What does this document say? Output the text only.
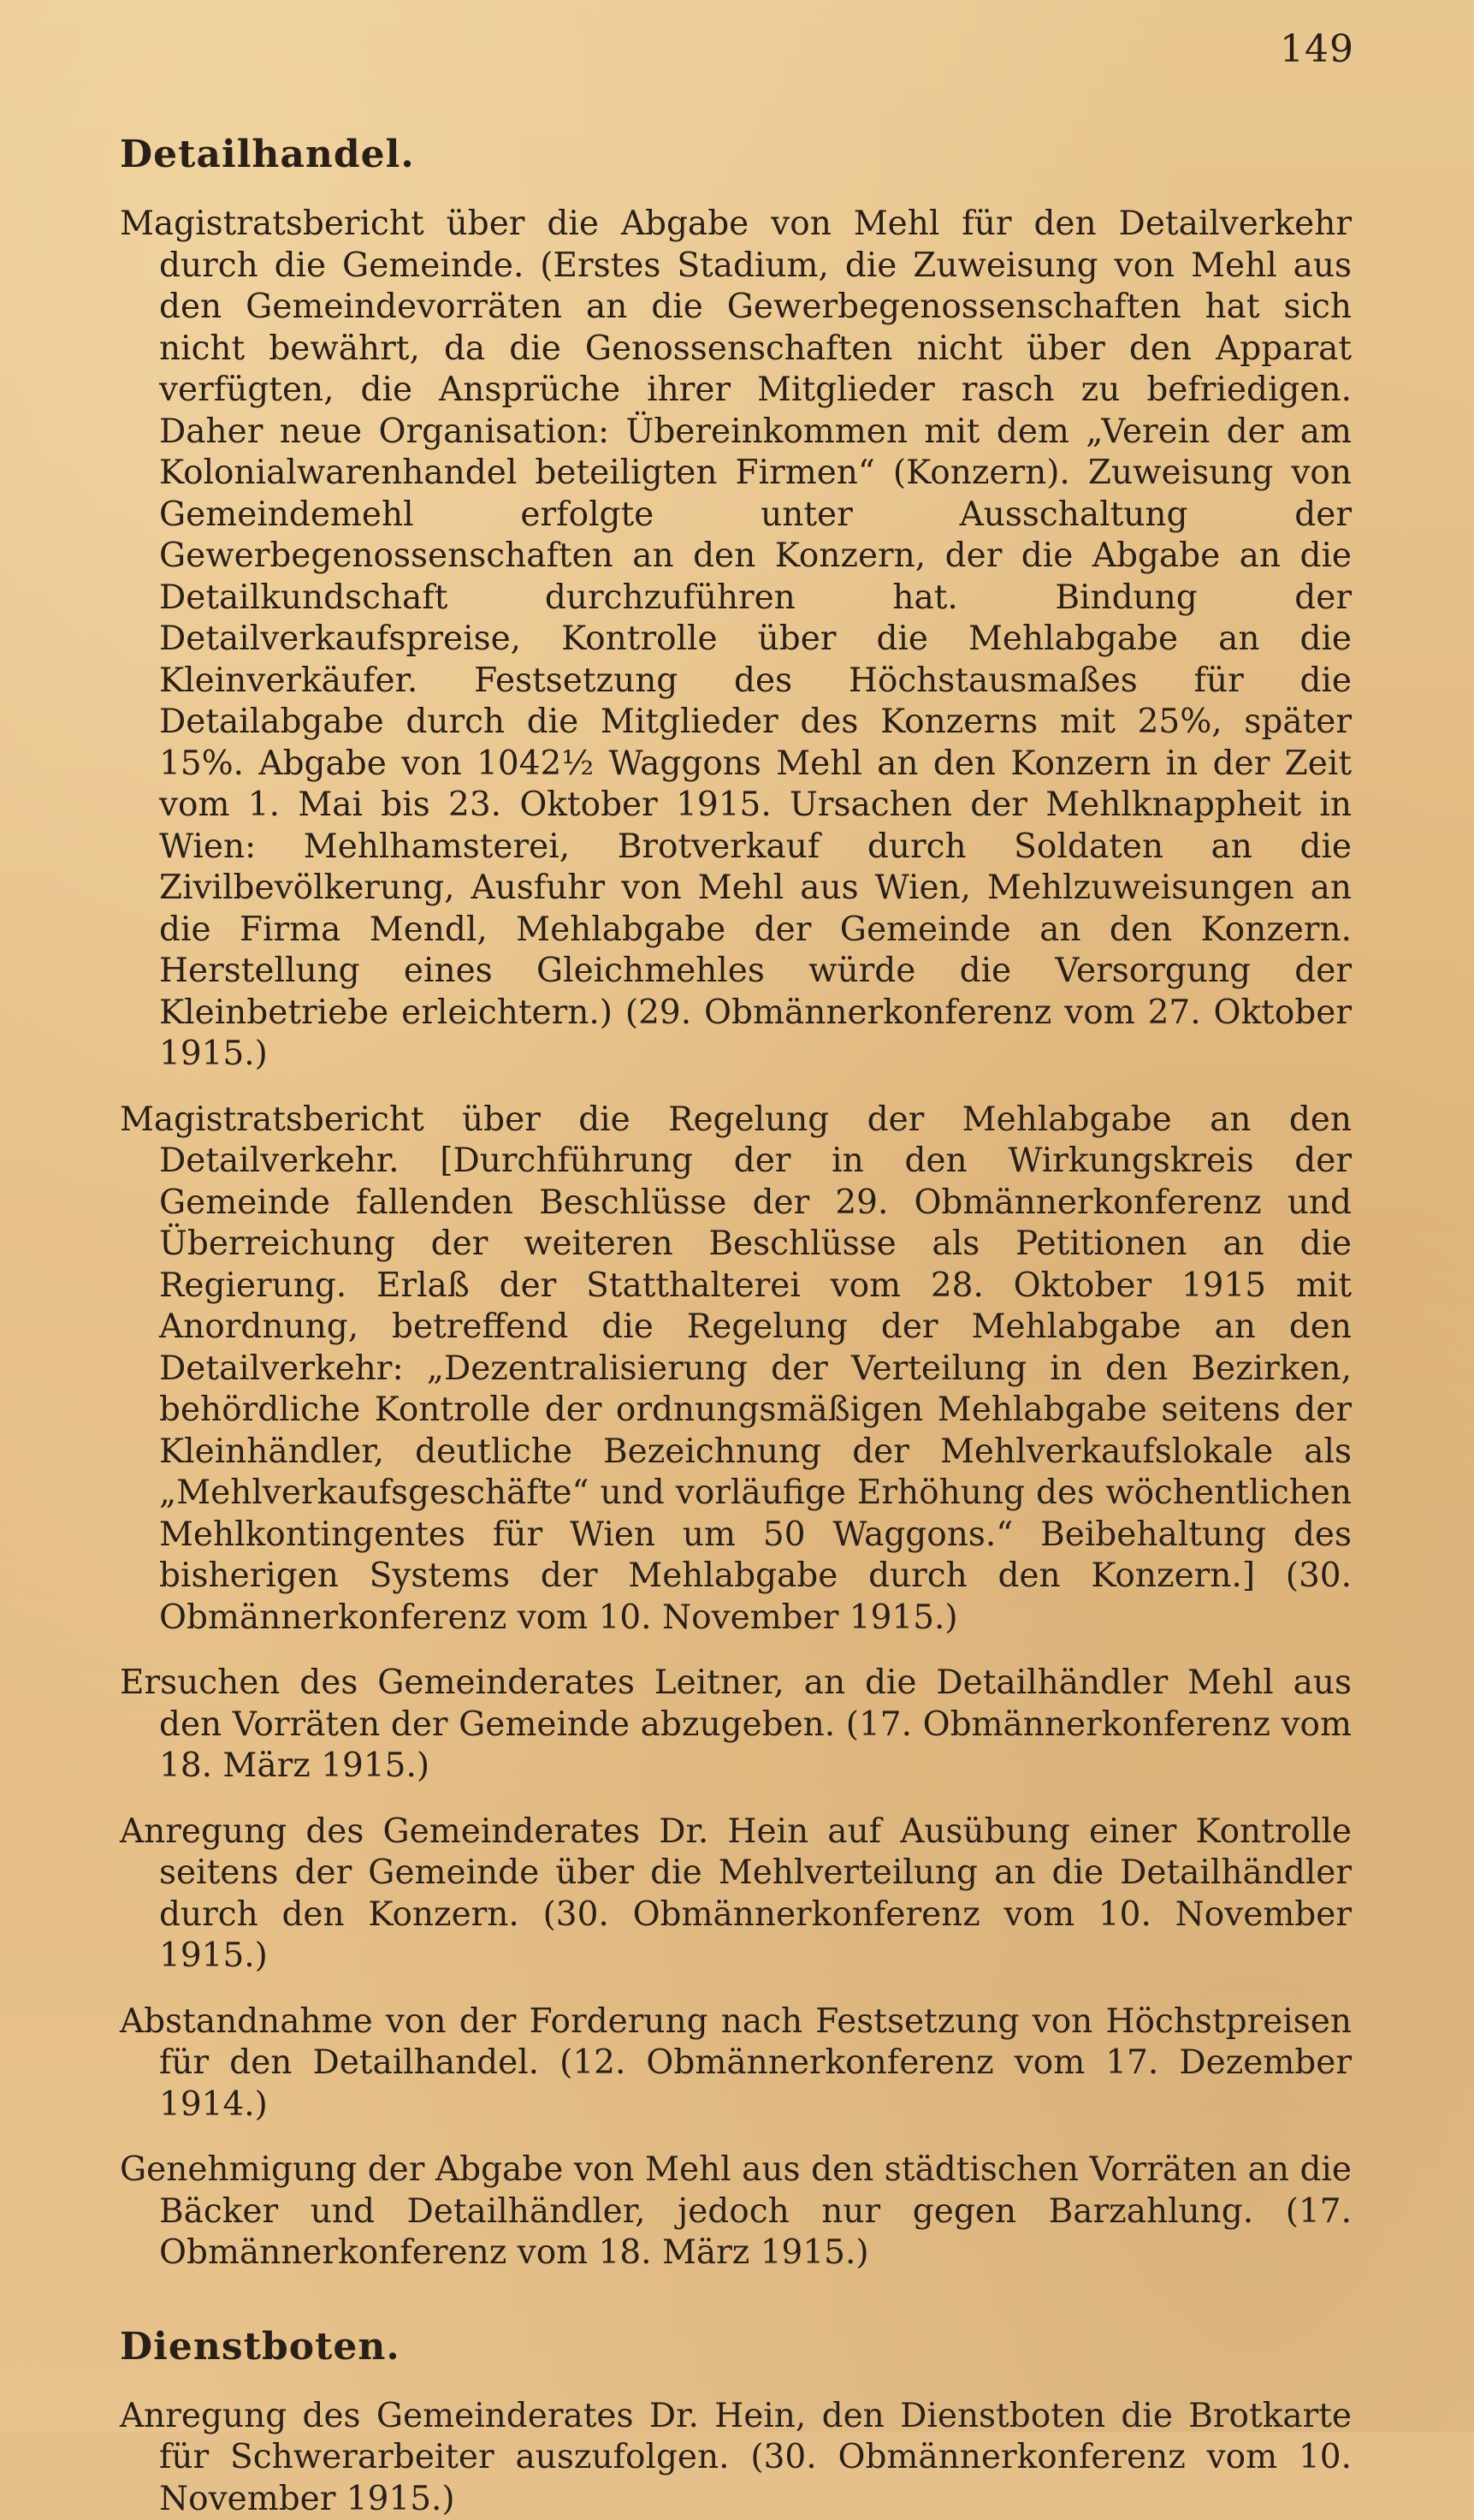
149
Detailhandel.

Magistratsbericht über die Abgabe von Mehl für den Detailverkehr durch die Gemeinde. (Erstes Stadium, die Zuweisung von Mehl aus den Gemeindevorräten an die Gewerbegenossenschaften hat sich nicht bewährt, da die Genossenschaften nicht über den Apparat verfügten, die Ansprüche ihrer Mitglieder rasch zu befriedigen. Daher neue Organisation: Übereinkommen mit dem „Verein der am Kolonialwarenhandel beteiligten Firmen“ (Konzern). Zuweisung von Gemeindemehl erfolgte unter Ausschaltung der Gewerbegenossenschaften an den Konzern, der die Abgabe an die Detailkundschaft durchzuführen hat. Bindung der Detailverkaufspreise, Kontrolle über die Mehlabgabe an die Kleinverkäufer. Festsetzung des Höchstausmaßes für die Detailabgabe durch die Mitglieder des Konzerns mit 25%, später 15%. Abgabe von 1042½ Waggons Mehl an den Konzern in der Zeit vom 1. Mai bis 23. Oktober 1915. Ursachen der Mehlknappheit in Wien: Mehlhamsterei, Brotverkauf durch Soldaten an die Zivilbevölkerung, Ausfuhr von Mehl aus Wien, Mehlzuweisungen an die Firma Mendl, Mehlabgabe der Gemeinde an den Konzern. Herstellung eines Gleichmehles würde die Versorgung der Kleinbetriebe erleichtern.) (29. Obmännerkonferenz vom 27. Oktober 1915.)

Magistratsbericht über die Regelung der Mehlabgabe an den Detailverkehr. [Durchführung der in den Wirkungskreis der Gemeinde fallenden Beschlüsse der 29. Obmännerkonferenz und Überreichung der weiteren Beschlüsse als Petitionen an die Regierung. Erlaß der Statthalterei vom 28. Oktober 1915 mit Anordnung, betreffend die Regelung der Mehlabgabe an den Detailverkehr: „Dezentralisierung der Verteilung in den Bezirken, behördliche Kontrolle der ordnungsmäßigen Mehlabgabe seitens der Kleinhändler, deutliche Bezeichnung der Mehlverkaufslokale als „Mehlverkaufsgeschäfte“ und vorläufige Erhöhung des wöchentlichen Mehlkontingentes für Wien um 50 Waggons.“ Beibehaltung des bisherigen Systems der Mehlabgabe durch den Konzern.] (30. Obmännerkonferenz vom 10. November 1915.)

Ersuchen des Gemeinderates Leitner, an die Detailhändler Mehl aus den Vorräten der Gemeinde abzugeben. (17. Obmännerkonferenz vom 18. März 1915.)

Anregung des Gemeinderates Dr. Hein auf Ausübung einer Kontrolle seitens der Gemeinde über die Mehlverteilung an die Detailhändler durch den Konzern. (30. Obmännerkonferenz vom 10. November 1915.)

Abstandnahme von der Forderung nach Festsetzung von Höchstpreisen für den Detailhandel. (12. Obmännerkonferenz vom 17. Dezember 1914.)

Genehmigung der Abgabe von Mehl aus den städtischen Vorräten an die Bäcker und Detailhändler, jedoch nur gegen Barzahlung. (17. Obmännerkonferenz vom 18. März 1915.)

Dienstboten.

Anregung des Gemeinderates Dr. Hein, den Dienstboten die Brotkarte für Schwerarbeiter auszufolgen. (30. Obmännerkonferenz vom 10. November 1915.)
